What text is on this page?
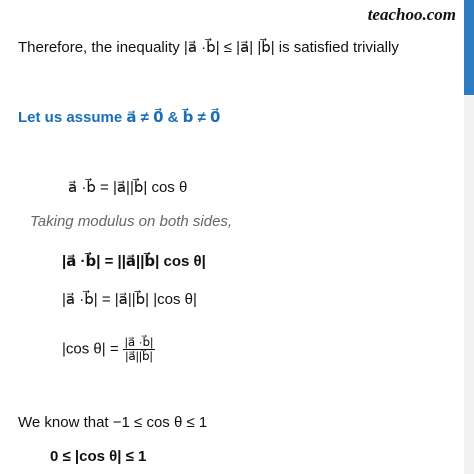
teachoo.com
Therefore, the inequality |a⃗ ·b⃗| ≤ |a⃗| |b⃗| is satisfied trivially
Let us assume a⃗ ≠ 0⃗ & b⃗ ≠ 0⃗
a⃗ ·b⃗ = |a⃗||b⃗| cos θ
Taking modulus on both sides,
|a⃗ ·b⃗| = ||a⃗||b⃗| cos θ|
|a⃗ ·b⃗| = |a⃗||b⃗| |cos θ|
|cos $\theta| = \frac{|a⃗ \cdot b⃗|}{|a⃗||b⃗|}$
We know that −1 ≤ cos θ ≤ 1
0 ≤ |cos θ| ≤ 1
